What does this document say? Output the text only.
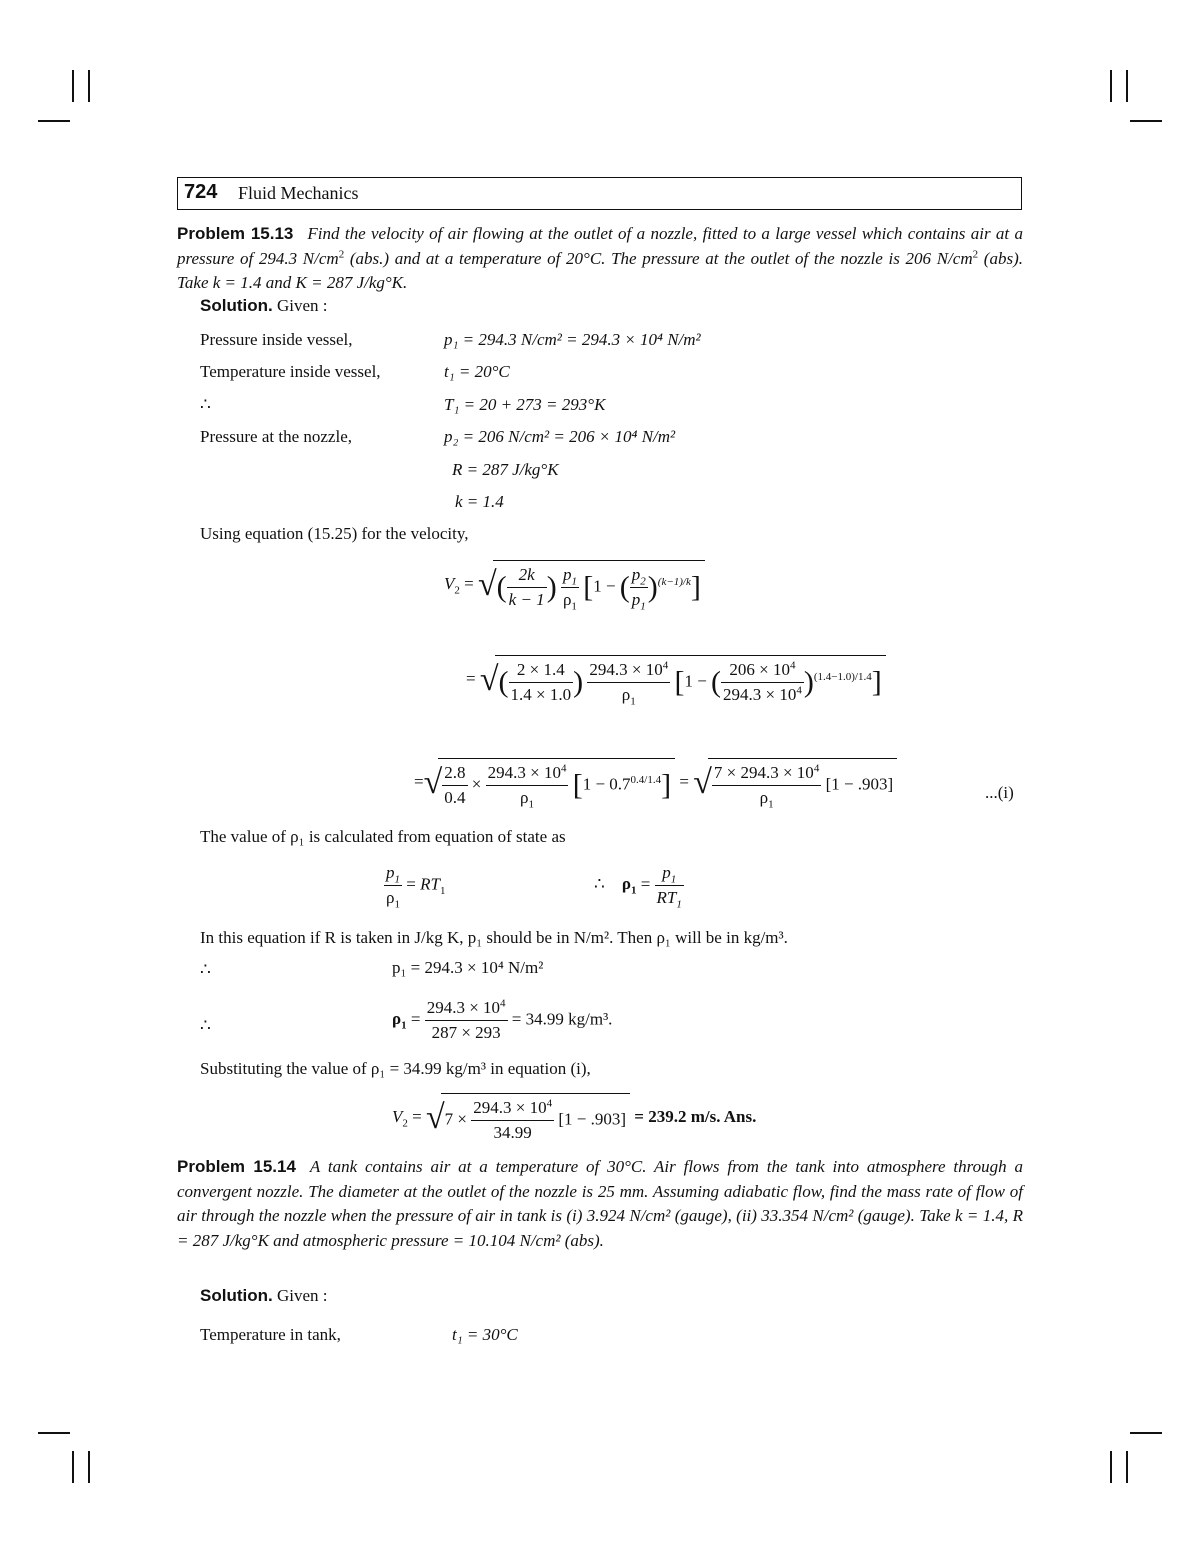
724 Fluid Mechanics

Problem 15.13 Find the velocity of air flowing at the outlet of a nozzle, fitted to a large vessel which contains air at a pressure of 294.3 $N/cm^2$ (abs.) and at a temperature of 20°C. The pressure at the outlet of the nozzle is 206 $N/cm^2$ (abs). Take k = 1.4 and K = 287 J/kg°K.

Solution. Given :
Pressure inside vessel,	p₁ = 294.3 N/cm² = 294.3 × 10⁴ N/m²
Temperature inside vessel,	t₁ = 20°C
∴	T₁ = 20 + 273 = 293°K
Pressure at the nozzle,	p₂ = 206 N/cm² = 206 × 10⁴ N/m²
R = 287 J/kg°K
k = 1.4
Using equation (15.25) for the velocity,
$V_2$ = √( $\frac{2k}{k - 1}$ ) $\frac{p_1}{\rho_1} [1$ − ( $\frac{p_2}{p_1} )^{(k-1)/k}$]
= √( $\frac{2 \times 1.4}{1.4 \times 1.0}$ ) $\frac{294.3 \times 10^4}{\rho_1} [1$ − ( $\frac{206 \times 10^4}{294.3 \times 10^4} )^{(1.4-1.0)/1.4}$]
=√ $\frac{2.8}{0.4} \times \frac{294.3 \times 10^4}{\rho_1} [1 - 0.7^{0.4/1.4}]$ = √ $\frac{7 \times 294.3 \times 10^4}{\rho_1} [1 - .903]$	...(i)
The value of ρ₁ is calculated from equation of state as
$\frac{p_1}{\rho_1} = RT_1$	∴    $\rho_1 = \frac{p_1}{RT_1}$
In this equation if R is taken in J/kg K, p₁ should be in N/m². Then ρ₁ will be in kg/m³.
∴	p₁ = 294.3 × 10⁴ N/m²
∴	$\rho_1 = \frac{294.3 \times 10^4}{287 \times 293} = 34.99$ kg/m³.
Substituting the value of ρ₁ = 34.99 kg/m³ in equation (i),
$V_2 = √7 \times \frac{294.3 \times 10^4}{34.99} [1 - .903] = 239.2$ m/s. Ans.

Problem 15.14 A tank contains air at a temperature of 30°C. Air flows from the tank into atmosphere through a convergent nozzle. The diameter at the outlet of the nozzle is 25 mm. Assuming adiabatic flow, find the mass rate of flow of air through the nozzle when the pressure of air in tank is (i) 3.924 N/cm² (gauge), (ii) 33.354 N/cm² (gauge). Take k = 1.4, R = 287 J/kg°K and atmospheric pressure = 10.104 N/cm² (abs).

Solution. Given :
Temperature in tank,	t₁ = 30°C
